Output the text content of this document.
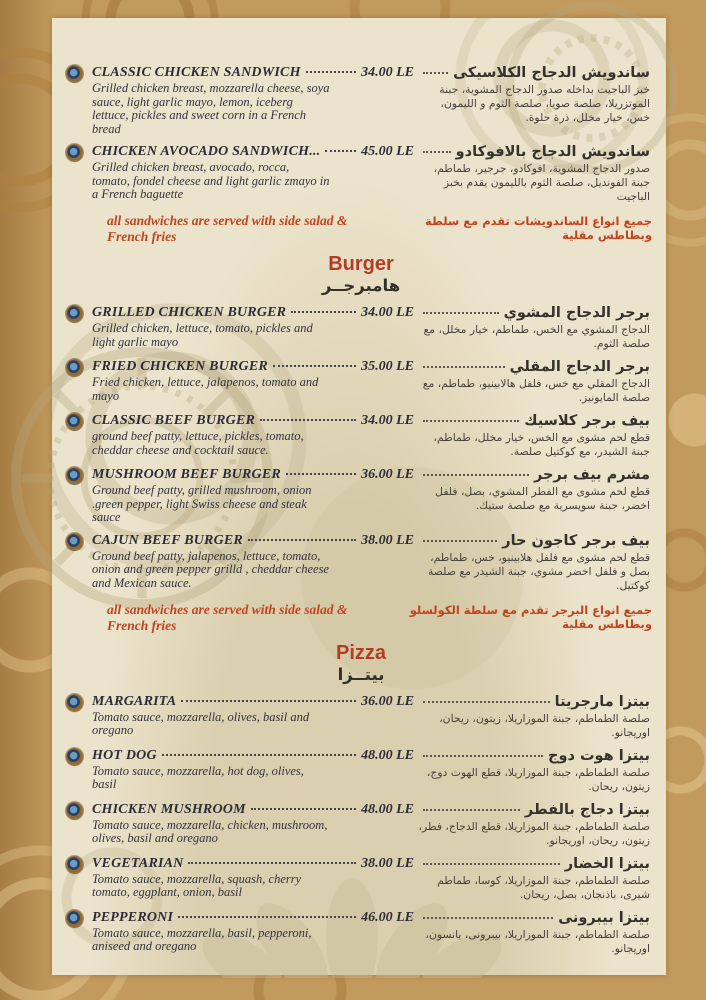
CLASSIC CHICKEN SANDWICH	34.00 LE
Grilled chicken breast, mozzarella cheese, soya sauce, light garlic mayo, lemon, iceberg lettuce, pickles and sweet corn in a French bread
ساندويش الدجاج الكلاسيكى
خبز الباجيت بداخله صدور الدجاج المشوية، جبنة الموتزريلا، صلصة صويا، صلصة الثوم و الليمون، خس، خيار مخلل، ذرة حلوة.
CHICKEN AVOCADO SANDWICH...	45.00 LE
Grilled chicken breast, avocado, rocca, tomato, fondel cheese and light garlic zmayo in a French baguette
ساندويش الدجاج بالافوكادو
صدور الدجاج المشوية، افوكادو، جرجير، طماطم، جبنة الفونديل، صلصة الثوم بالليمون يقدم بخبز الباجيت
all sandwiches are served with side salad & French fries
جميع انواع الساندويشات تقدم مع سلطة وبطاطس مقلية
Burger
هامبرجــر
GRILLED CHICKEN BURGER	34.00 LE
Grilled chicken, lettuce, tomato, pickles and light garlic mayo
برجر الدجاج المشوي
الدجاج المشوي مع الخس، طماطم، خيار مخلل، مع صلصة الثوم.
FRIED CHICKEN BURGER	35.00 LE
Fried chicken, lettuce, jalapenos, tomato and mayo
برجر الدجاج المقلي
الدجاج المقلي مع خس، فلفل هالابينيو، طماطم، مع صلصة المايونيز.
CLASSIC BEEF BURGER	34.00 LE
ground beef patty, lettuce, pickles, tomato, cheddar cheese and cocktail sauce.
بيف برجر كلاسيك
قطع لحم مشوى مع الخس، خيار مخلل، طماطم، جبنة الشيدر، مع كوكتيل صلصة.
MUSHROOM BEEF BURGER	36.00 LE
Ground beef patty, grilled mushroom, onion .green pepper, light Swiss cheese and steak sauce
مشرم بيف برجر
قطع لحم مشوى مع الفطر المشوي، بصل، فلفل اخضر، جبنة سويسرية مع صلصة ستيك.
CAJUN BEEF BURGER	38.00 LE
Ground beef patty, jalapenos, lettuce, tomato, onion and green pepper grilld , cheddar cheese and Mexican sauce.
بيف برجر كاجون حار
قطع لحم مشوى مع فلفل هلابينيو، خس، طماطم، بصل و فلفل اخضر مشوي، جبنة الشيدر مع صلصة كوكتيل.
all sandwiches are served with side salad & French fries
جميع انواع البرجر تقدم مع سلطة الكولسلو وبطاطس مقلية
Pizza
بيتــزا
MARGARITA	36.00 LE
Tomato sauce, mozzarella, olives, basil and oregano
بيتزا مارجريتا
صلصة الطماطم، جبنة الموزاريلا، زيتون، ريحان، اوريجانو.
HOT DOG	48.00 LE
Tomato sauce, mozzarella, hot dog, olives, basil
بيتزا هوت دوج
صلصة الطماطم، جبنة الموزاريلا، قطع الهوت دوج، زيتون، ريحان.
CHICKEN MUSHROOM	48.00 LE
Tomato sauce, mozzarella, chicken, mushroom, olives, basil and oregano
بيتزا دجاج بالفطر
صلصة الطماطم، جبنة الموزاريلا، قطع الدجاج، فطر، زيتون، ريحان، اوريجانو.
VEGETARIAN	38.00 LE
Tomato sauce, mozzarella, squash, cherry tomato, eggplant, onion, basil
بيتزا الخضار
صلصة الطماطم، جبنة الموزاريلا، كوسا، طماطم شيرى، باذنجان، بصل، ريحان.
PEPPERONI	46.00 LE
Tomato sauce, mozzarella, basil, pepperoni, aniseed and oregano
بيتزا بيبرونى
صلصة الطماطم، جبنة الموزاريلا، بيبرونى، يانسون، اوريجانو.
